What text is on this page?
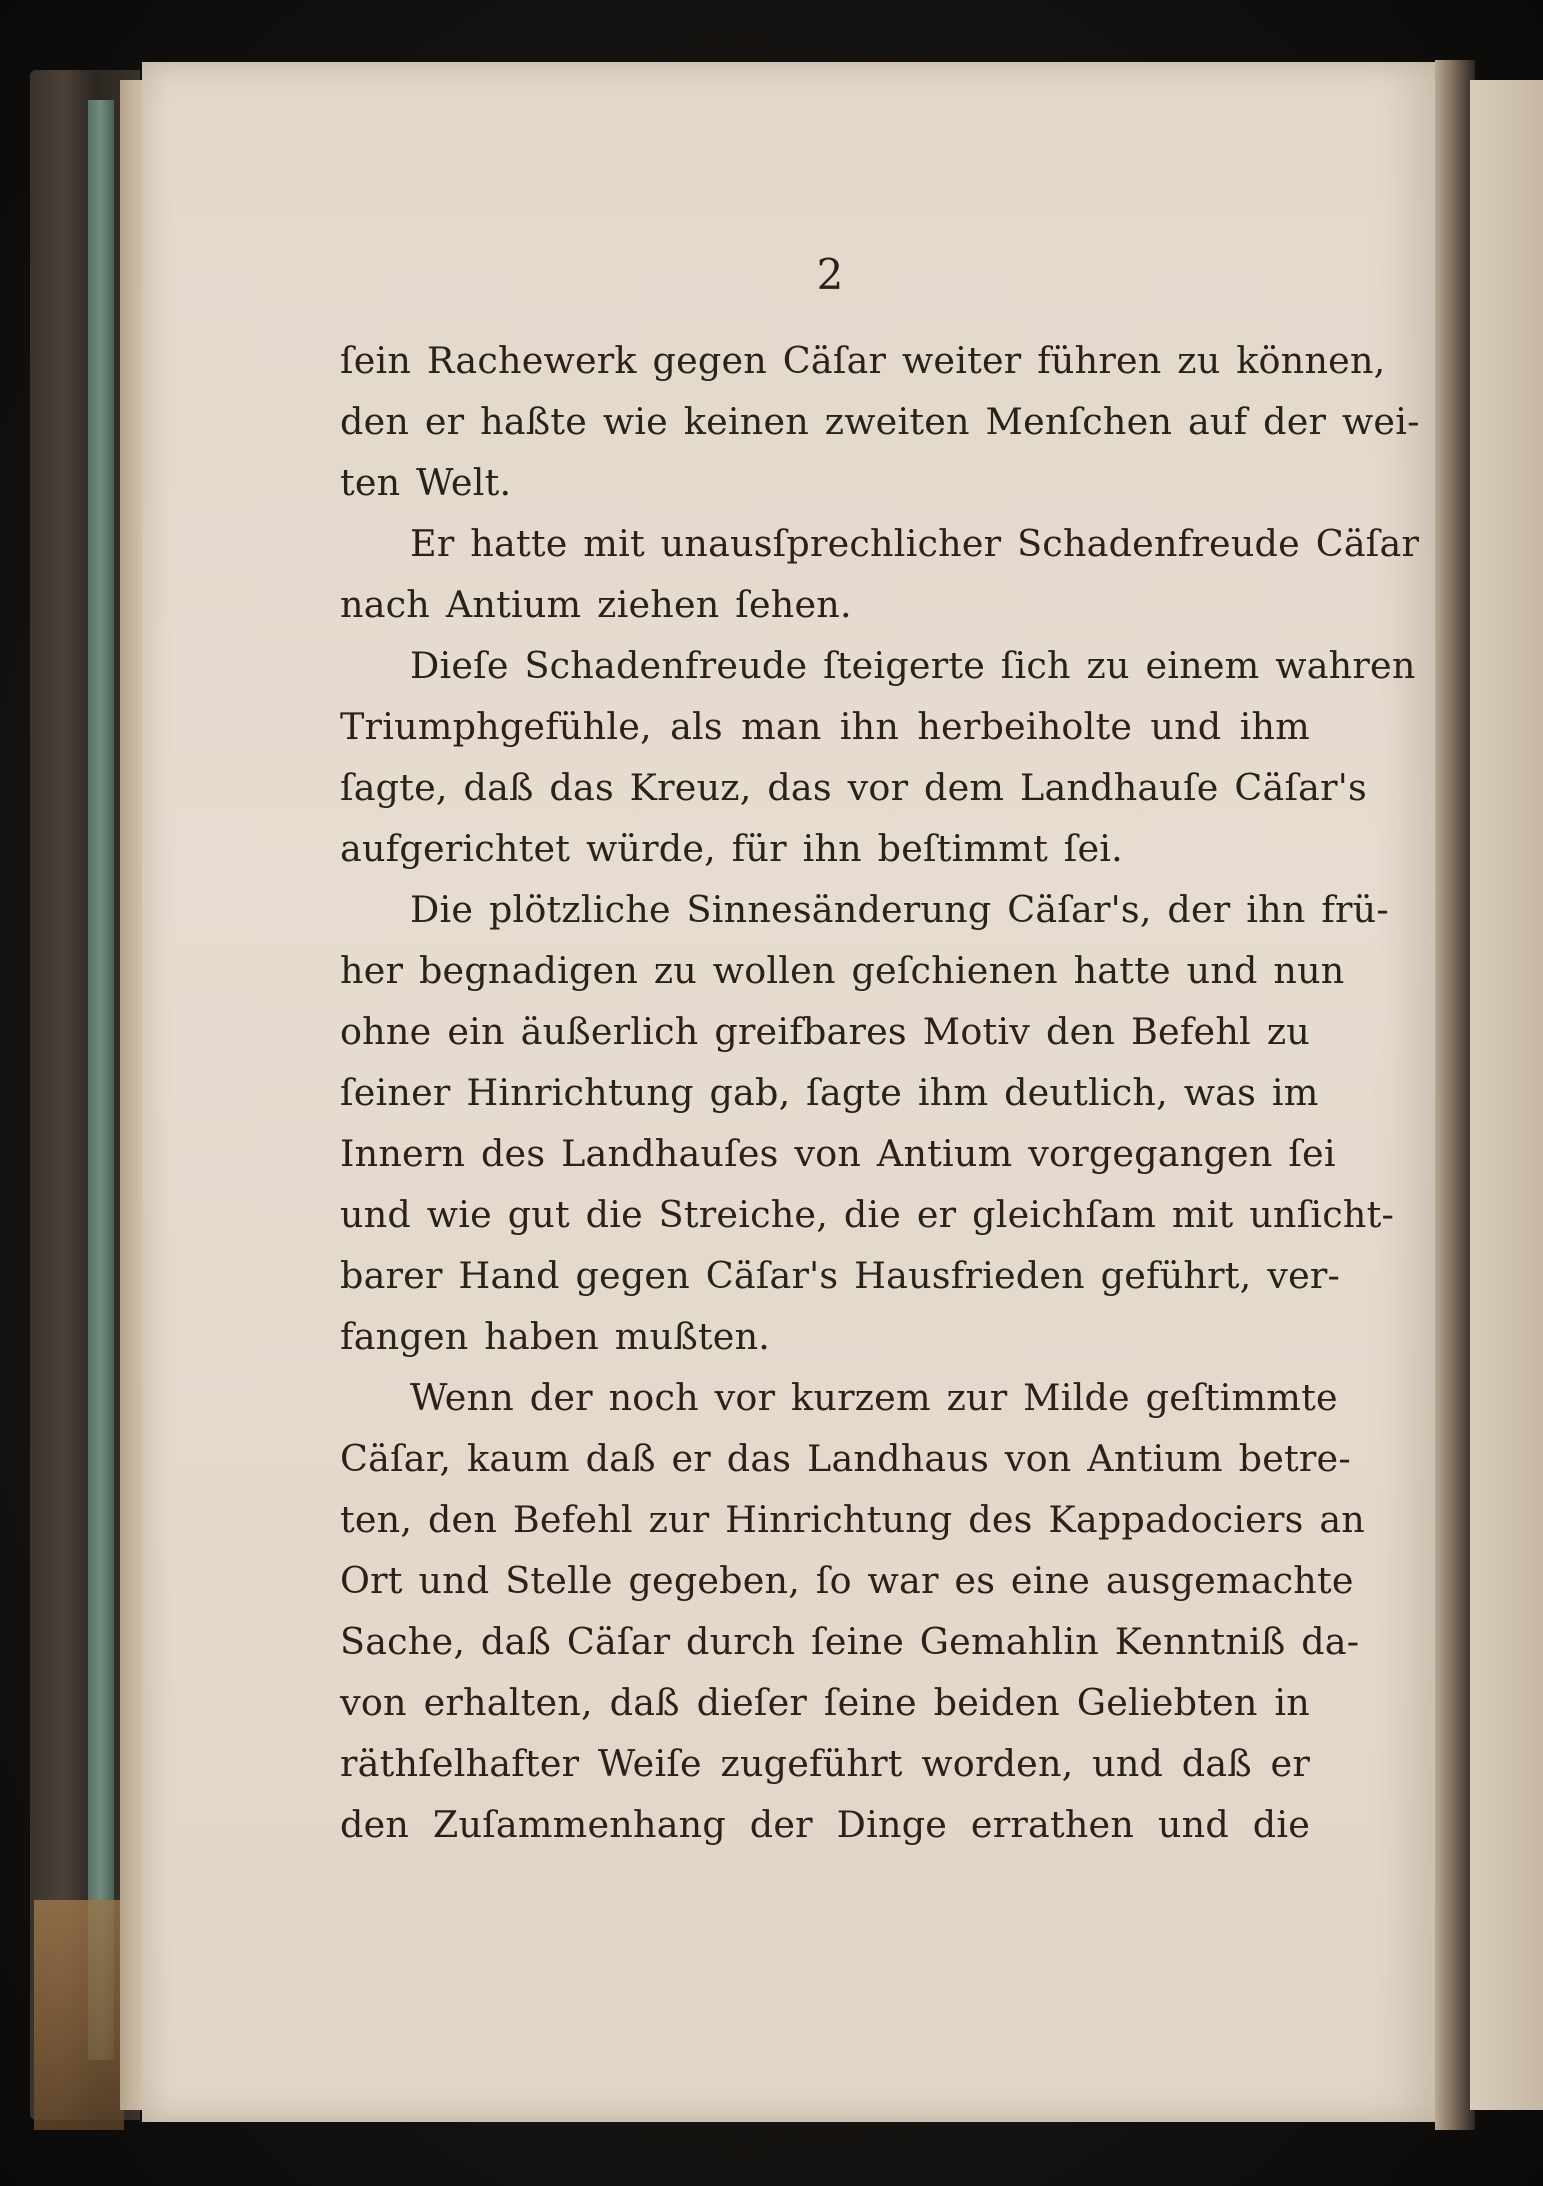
2
ſein Rachewerk gegen Cäſar weiter führen zu können,
den er haßte wie keinen zweiten Menſchen auf der wei-
ten Welt.
Er hatte mit unausſprechlicher Schadenfreude Cäſar
nach Antium ziehen ſehen.
Dieſe Schadenfreude ſteigerte ſich zu einem wahren
Triumphgefühle, als man ihn herbeiholte und ihm
ſagte, daß das Kreuz, das vor dem Landhauſe Cäſar's
aufgerichtet würde, für ihn beſtimmt ſei.
Die plötzliche Sinnesänderung Cäſar's, der ihn frü-
her begnadigen zu wollen geſchienen hatte und nun
ohne ein äußerlich greifbares Motiv den Befehl zu
ſeiner Hinrichtung gab, ſagte ihm deutlich, was im
Innern des Landhauſes von Antium vorgegangen ſei
und wie gut die Streiche, die er gleichſam mit unſicht-
barer Hand gegen Cäſar's Hausfrieden geführt, ver-
fangen haben mußten.
Wenn der noch vor kurzem zur Milde geſtimmte
Cäſar, kaum daß er das Landhaus von Antium betre-
ten, den Befehl zur Hinrichtung des Kappadociers an
Ort und Stelle gegeben, ſo war es eine ausgemachte
Sache, daß Cäſar durch ſeine Gemahlin Kenntniß da-
von erhalten, daß dieſer ſeine beiden Geliebten in
räthſelhafter Weiſe zugeführt worden, und daß er
den Zuſammenhang der Dinge errathen und die
